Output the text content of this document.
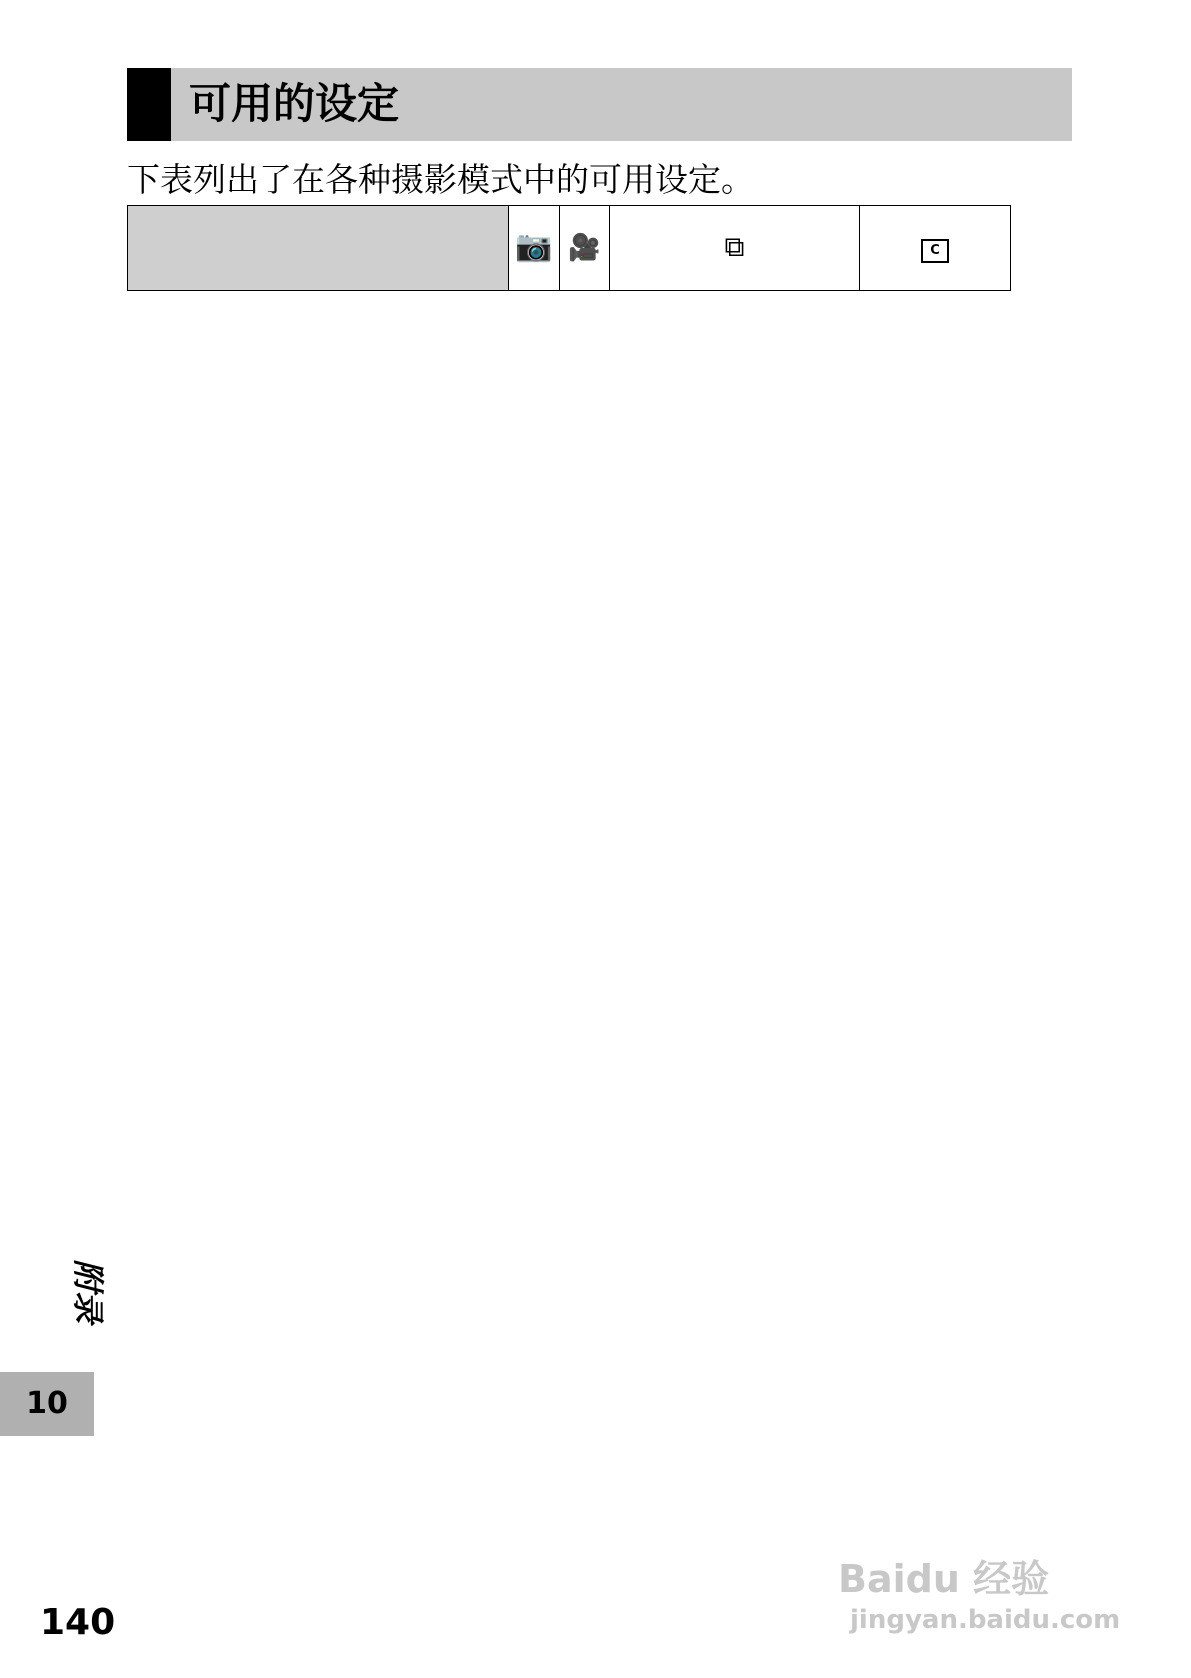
可用的设定
下表列出了在各种摄影模式中的可用设定。
	📷	🎥	⧉	C
附录
10
140
Baidu 经验
jingyan.baidu.com
